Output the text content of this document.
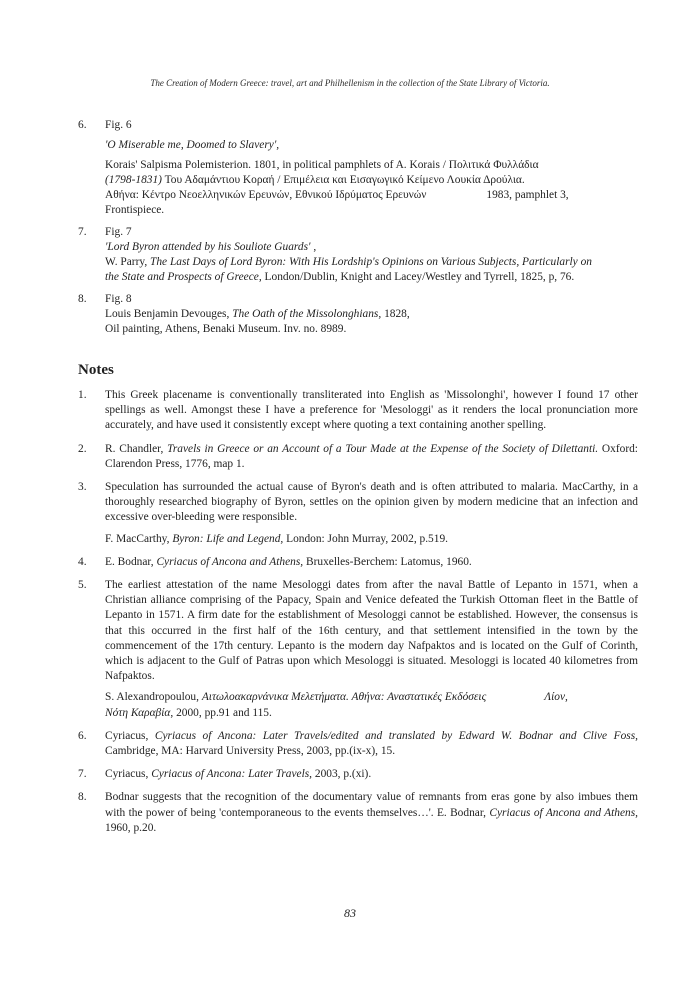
The Creation of Modern Greece: travel, art and Philhellenism in the collection of the State Library of Victoria.
6. Fig. 6
'O Miserable me, Doomed to Slavery',
Korais' Salpisma Polemisterion. 1801, in political pamphlets of A. Korais / Πολιτικά Φυλλάδια
(1798-1831) Του Αδαμάντιου Κοραή / Επιμέλεια και Εισαγωγικό Κείμενο Λουκία Δρούλια.
Αθήνα: Κέντρο Νεοελληνικών Ερευνών, Εθνικού Ιδρύματος Ερευνών	1983, pamphlet 3,
Frontispiece.
7. Fig. 7
'Lord Byron attended by his Souliote Guards' ,
W. Parry, The Last Days of Lord Byron: With His Lordship's Opinions on Various Subjects, Particularly on
the State and Prospects of Greece, London/Dublin, Knight and Lacey/Westley and Tyrrell, 1825, p, 76.
8. Fig. 8
Louis Benjamin Devouges, The Oath of the Missolonghians, 1828,
Oil painting, Athens, Benaki Museum. Inv. no. 8989.
Notes
1. This Greek placename is conventionally transliterated into English as 'Missolonghi', however I found 17 other spellings as well. Amongst these I have a preference for 'Mesologgi' as it renders the local pronunciation more accurately, and have used it consistently except where quoting a text containing another spelling.
2. R. Chandler, Travels in Greece or an Account of a Tour Made at the Expense of the Society of Dilettanti. Oxford: Clarendon Press, 1776, map 1.
3. Speculation has surrounded the actual cause of Byron's death and is often attributed to malaria. MacCarthy, in a thoroughly researched biography of Byron, settles on the opinion given by modern medicine that an infection and excessive over-bleeding were responsible.
F. MacCarthy, Byron: Life and Legend, London: John Murray, 2002, p.519.
4. E. Bodnar, Cyriacus of Ancona and Athens, Bruxelles-Berchem: Latomus, 1960.
5. The earliest attestation of the name Mesologgi dates from after the naval Battle of Lepanto in 1571, when a Christian alliance comprising of the Papacy, Spain and Venice defeated the Turkish Ottoman fleet in the Battle of Lepanto in 1571. A firm date for the establishment of Mesologgi cannot be established. However, the consensus is that this occurred in the first half of the 16th century, and that settlement intensified in the town by the commencement of the 17th century. Lepanto is the modern day Nafpaktos and is located on the Gulf of Corinth, which is adjacent to the Gulf of Patras upon which Mesologgi is situated. Mesologgi is located 40 kilometres from Nafpaktos.
S. Alexandropoulou, Αιτωλοακαρνάνικα Μελετήματα. Αθήνα: Αναστατικές Εκδόσεις	Λίον,
Νότη Καραβία, 2000, pp.91 and 115.
6. Cyriacus, Cyriacus of Ancona: Later Travels/edited and translated by Edward W. Bodnar and Clive Foss, Cambridge, MA: Harvard University Press, 2003, pp.(ix-x), 15.
7. Cyriacus, Cyriacus of Ancona: Later Travels, 2003, p.(xi).
8. Bodnar suggests that the recognition of the documentary value of remnants from eras gone by also imbues them with the power of being 'contemporaneous to the events themselves…'. E. Bodnar, Cyriacus of Ancona and Athens, 1960, p.20.
83
